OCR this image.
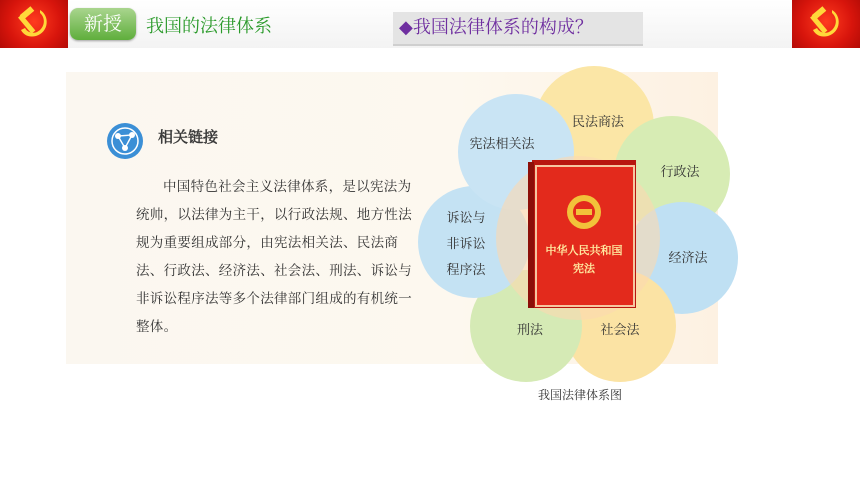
新授	我国的法律体系	◆我国法律体系的构成？
相关链接
中国特色社会主义法律体系，是以宪法为统帅，以法律为主干，以行政法规、地方性法规为重要组成部分，由宪法相关法、民法商法、行政法、经济法、社会法、刑法、诉讼与非诉讼程序法等多个法律部门组成的有机统一整体。
民法商法
行政法
经济法
社会法
刑法
诉讼与
非诉讼
程序法
宪法相关法
中华人民共和国
宪法
我国法律体系图
